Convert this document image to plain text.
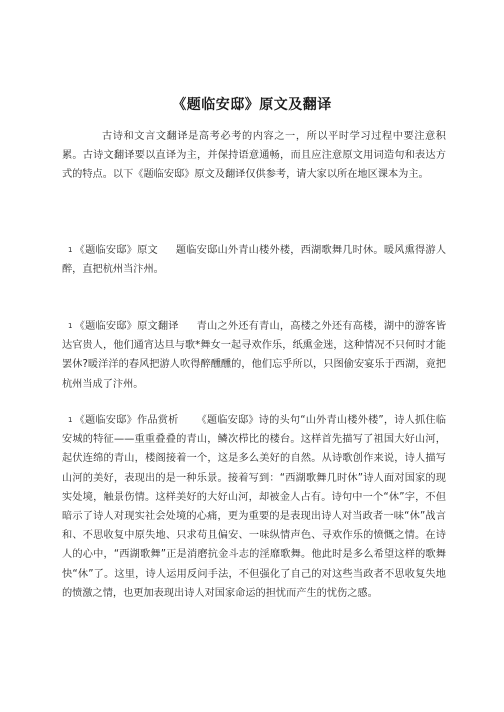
《题临安邸》原文及翻译
古诗和文言文翻译是高考必考的内容之一，所以平时学习过程中要注意积累。古诗文翻译要以直译为主，并保持语意通畅，而且应注意原文用词造句和表达方式的特点。以下《题临安邸》原文及翻译仅供参考，请大家以所在地区课本为主。
1 《题临安邸》原文 题临安邸山外青山楼外楼，西湖歌舞几时休。暖风熏得游人醉，直把杭州当汴州。
1 《题临安邸》原文翻译 青山之外还有青山，高楼之外还有高楼，湖中的游客皆达官贵人，他们通宵达旦与歌*舞女一起寻欢作乐，纸熏金迷，这种情况不只何时才能罢休?暖洋洋的春风把游人吹得醉醺醺的，他们忘乎所以，只图偷安宴乐于西湖，竟把杭州当成了汴州。
1 《题临安邸》作品赏析 《题临安邸》诗的头句“山外青山楼外楼”，诗人抓住临安城的特征——重重叠叠的青山，鳞次栉比的楼台。这样首先描写了祖国大好山河，起伏连绵的青山，楼阁接着一个，这是多么美好的自然。从诗歌创作来说，诗人描写山河的美好，表现出的是一种乐景。接着写到：“西湖歌舞几时休”诗人面对国家的现实处境，触景伤情。这样美好的大好山河，却被金人占有。诗句中一个“休”字，不但暗示了诗人对现实社会处境的心痛，更为重要的是表现出诗人对当政者一味“休”战言和、不思收复中原失地、只求苟且偏安、一味纵情声色、寻欢作乐的愤慨之情。在诗人的心中，“西湖歌舞”正是消磨抗金斗志的淫靡歌舞。他此时是多么希望这样的歌舞快“休”了。这里，诗人运用反问手法，不但强化了自己的对这些当政者不思收复失地的愤激之情，也更加表现出诗人对国家命运的担忧而产生的忧伤之感。
